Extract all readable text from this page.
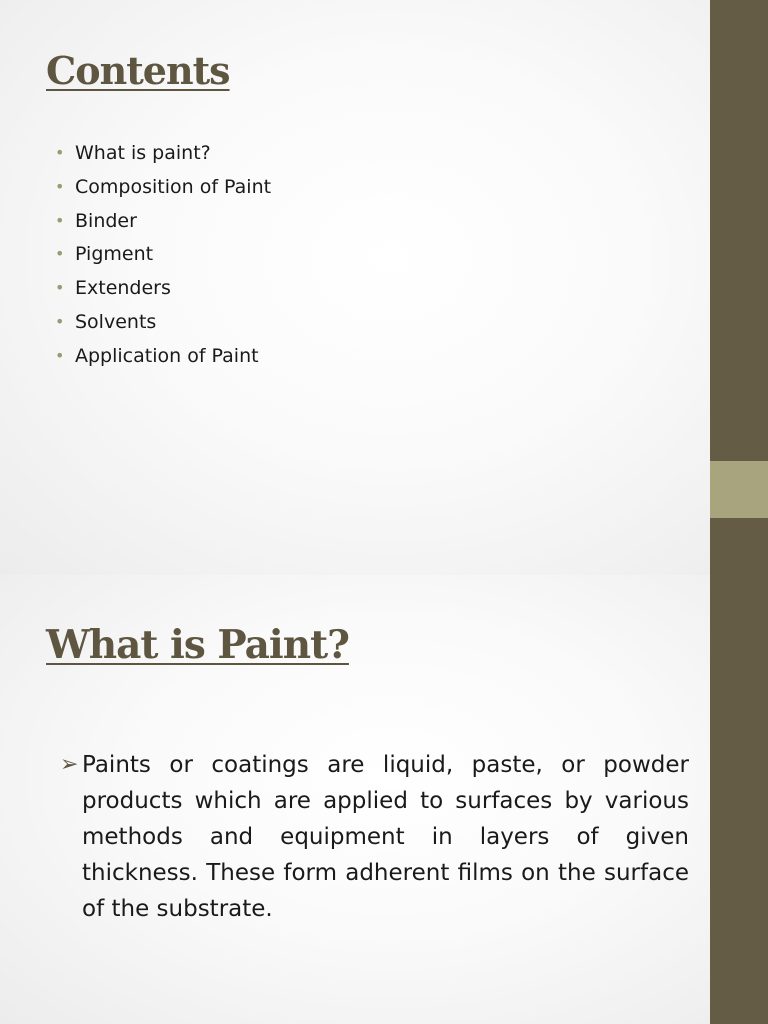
Contents
• What is paint?
• Composition of Paint
• Binder
• Pigment
• Extenders
• Solvents
• Application of Paint
What is Paint?
➢ Paints or coatings are liquid, paste, or powder products which are applied to surfaces by various methods and equipment in layers of given thickness. These form adherent films on the surface of the substrate.
